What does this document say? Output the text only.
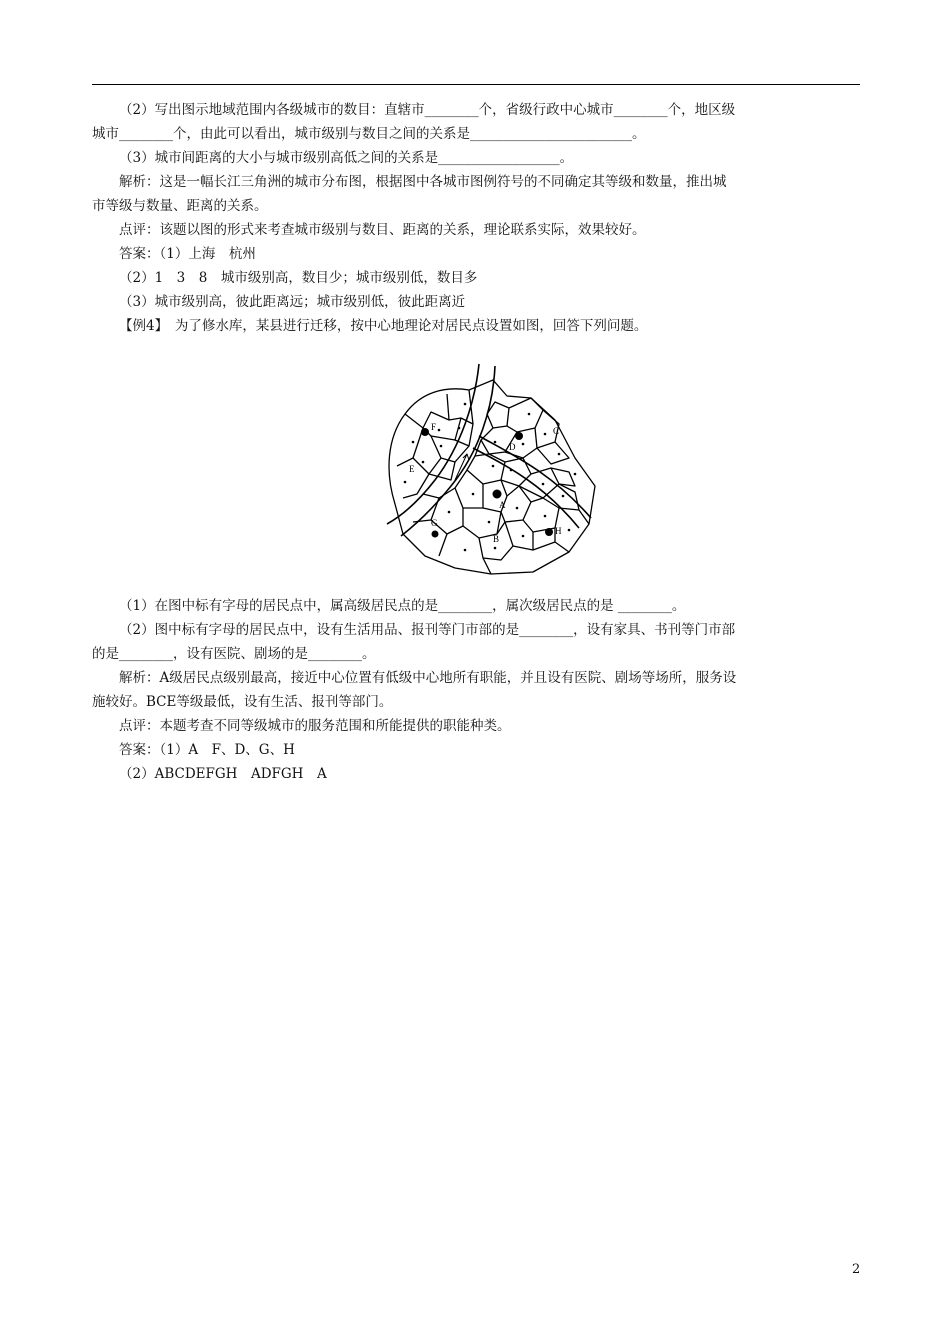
（2）写出图示地域范围内各级城市的数目：直辖市________个，省级行政中心城市________个，地区级

城市________个，由此可以看出，城市级别与数目之间的关系是________________________。

（3）城市间距离的大小与城市级别高低之间的关系是__________________。

解析：这是一幅长江三角洲的城市分布图，根据图中各城市图例符号的不同确定其等级和数量，推出城

市等级与数量、距离的关系。

点评：该题以图的形式来考查城市级别与数目、距离的关系，理论联系实际，效果较好。

答案：（1）上海　杭州

（2）1　3　8　城市级别高，数目少；城市级别低，数目多

（3）城市级别高，彼此距离远；城市级别低，彼此距离近

【例4】　为了修水库，某县进行迁移，按中心地理论对居民点设置如图，回答下列问题。

F
D
C
E
A
H
G
B

（1）在图中标有字母的居民点中，属高级居民点的是________，属次级居民点的是 ________。

（2）图中标有字母的居民点中，设有生活用品、报刊等门市部的是________，设有家具、书刊等门市部

的是________，设有医院、剧场的是________。

解析：A级居民点级别最高，接近中心位置有低级中心地所有职能，并且设有医院、剧场等场所，服务设

施较好。BCE等级最低，设有生活、报刊等部门。

点评：本题考查不同等级城市的服务范围和所能提供的职能种类。

答案：（1）A　F、D、G、H

（2）ABCDEFGH　ADFGH　A

2
